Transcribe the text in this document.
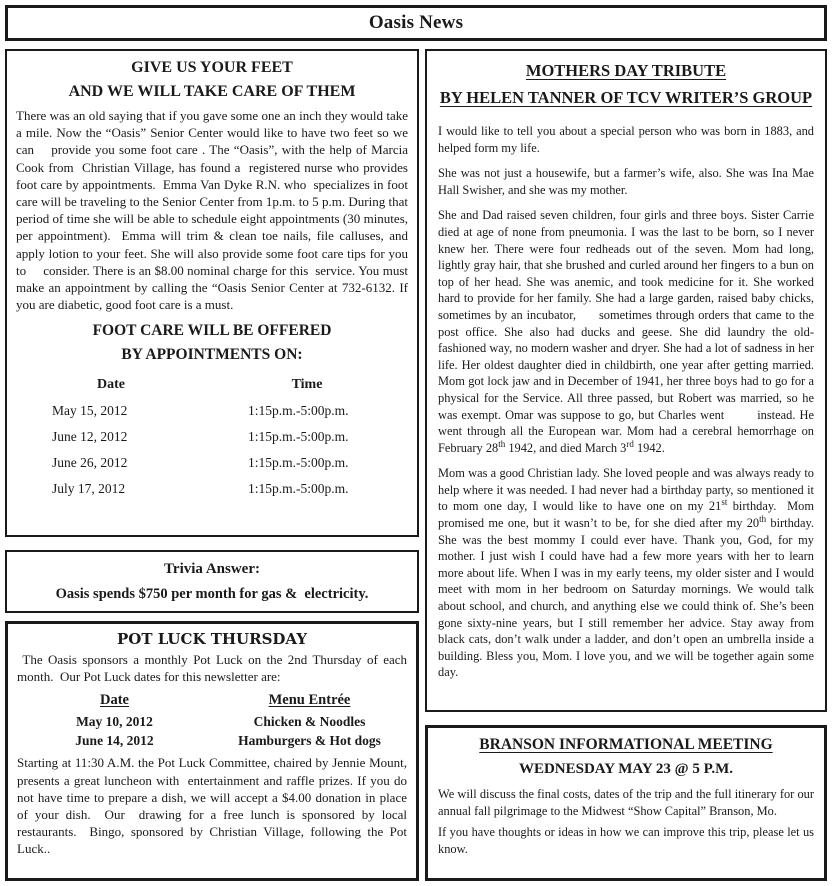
Oasis News
GIVE US YOUR FEET
AND WE WILL TAKE CARE OF THEM

There was an old saying that if you gave some one an inch they would take a mile. Now the “Oasis” Senior Center would like to have two feet so we can    provide you some foot care . The “Oasis”, with the help of Marcia Cook from  Christian Village, has found a  registered nurse who provides foot care by appointments.  Emma Van Dyke R.N. who  specializes in foot care will be traveling to the Senior Center from 1p.m. to 5 p.m. During that period of time she will be able to schedule eight appointments (30 minutes, per appointment).  Emma will trim & clean toe nails, file calluses, and apply lotion to your feet. She will also provide some foot care tips for you to     consider. There is an $8.00 nominal charge for this  service. You must make an appointment by calling the “Oasis Senior Center at 732-6132. If you are diabetic, good foot care is a must.

FOOT CARE WILL BE OFFERED
BY APPOINTMENTS ON:
Date	Time
May 15, 2012	1:15p.m.-5:00p.m.
June 12, 2012	1:15p.m.-5:00p.m.
June 26, 2012	1:15p.m.-5:00p.m.
July 17, 2012	1:15p.m.-5:00p.m.
Trivia Answer:
Oasis spends $750 per month for gas &  electricity.
POT LUCK THURSDAY

The Oasis sponsors a monthly Pot Luck on the 2nd Thursday of each month.  Our Pot Luck dates for this newsletter are:

Date	Menu Entrée
May 10, 2012	Chicken & Noodles
June 14, 2012	Hamburgers & Hot dogs

Starting at 11:30 A.M. the Pot Luck Committee, chaired by Jennie Mount, presents a great luncheon with  entertainment and raffle prizes. If you do not have time to prepare a dish, we will accept a $4.00 donation in place of your dish.  Our  drawing for a free lunch is sponsored by local restaurants.  Bingo, sponsored by Christian Village, following the Pot Luck..

MOTHERS DAY TRIBUTE
BY HELEN TANNER OF TCV WRITER’S GROUP

I would like to tell you about a special person who was born in 1883, and helped form my life.

She was not just a housewife, but a farmer’s wife, also. She was Ina Mae Hall Swisher, and she was my mother.

She and Dad raised seven children, four girls and three boys. Sister Carrie died at age of none from pneumonia. I was the last to be born, so I never knew her. There were four redheads out of the seven. Mom had long, lightly gray hair, that she brushed and curled around her fingers to a bun on top of her head. She was anemic, and took medicine for it. She worked hard to provide for her family. She had a large garden, raised baby chicks, sometimes by an incubator,      sometimes through orders that came to the post office. She also had ducks and geese. She did laundry the old-fashioned way, no modern washer and dryer. She had a lot of sadness in her life. Her oldest daughter died in childbirth, one year after getting married. Mom got lock jaw and in December of 1941, her three boys had to go for a physical for the Service. All three passed, but Robert was married, so he was exempt. Omar was suppose to go, but Charles went        instead. He went through all the European war. Mom had a cerebral hemorrhage on February 28th 1942, and died March 3rd 1942.

Mom was a good Christian lady. She loved people and was always ready to help where it was needed. I had never had a birthday party, so mentioned it to mom one day, I would like to have one on my 21st birthday.  Mom promised me one, but it wasn’t to be, for she died after my 20th birthday. She was the best mommy I could ever have. Thank you, God, for my mother. I just wish I could have had a few more years with her to learn more about life. When I was in my early teens, my older sister and I would meet with mom in her bedroom on Saturday mornings. We would talk about school, and church, and anything else we could think of. She’s been gone sixty-nine years, but I still remember her advice. Stay away from black cats, don’t walk under a ladder, and don’t open an umbrella inside a building. Bless you, Mom. I love you, and we will be together again some day.

BRANSON INFORMATIONAL MEETING
WEDNESDAY MAY 23 @ 5 P.M.

We will discuss the final costs, dates of the trip and the full itinerary for our annual fall pilgrimage to the Midwest “Show Capital” Branson, Mo.

If you have thoughts or ideas in how we can improve this trip, please let us know.
